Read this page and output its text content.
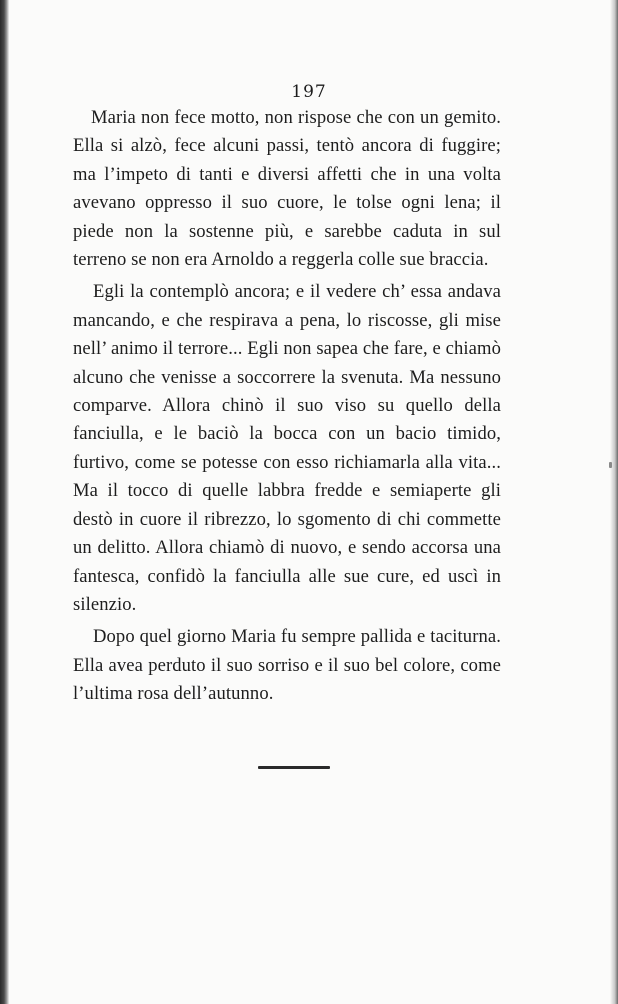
197

Maria non fece motto, non rispose che con un gemito. Ella si alzò, fece alcuni passi, tentò ancora di fuggire; ma l’impeto di tanti e diversi affetti che in una volta avevano oppresso il suo cuore, le tolse ogni lena; il piede non la sostenne più, e sarebbe caduta in sul terreno se non era Arnoldo a reggerla colle sue braccia.

Egli la contemplò ancora; e il vedere ch’ essa andava mancando, e che respirava a pena, lo riscosse, gli mise nell’ animo il terrore... Egli non sapea che fare, e chiamò alcuno che venisse a soccorrere la svenuta. Ma nessuno comparve. Allora chinò il suo viso su quello della fanciulla, e le baciò la bocca con un bacio timido, furtivo, come se potesse con esso richiamarla alla vita... Ma il tocco di quelle labbra fredde e semiaperte gli destò in cuore il ribrezzo, lo sgomento di chi commette un delitto. Allora chiamò di nuovo, e sendo accorsa una fantesca, confidò la fanciulla alle sue cure, ed uscì in silenzio.

Dopo quel giorno Maria fu sempre pallida e taciturna. Ella avea perduto il suo sorriso e il suo bel colore, come l’ultima rosa dell’autunno.
